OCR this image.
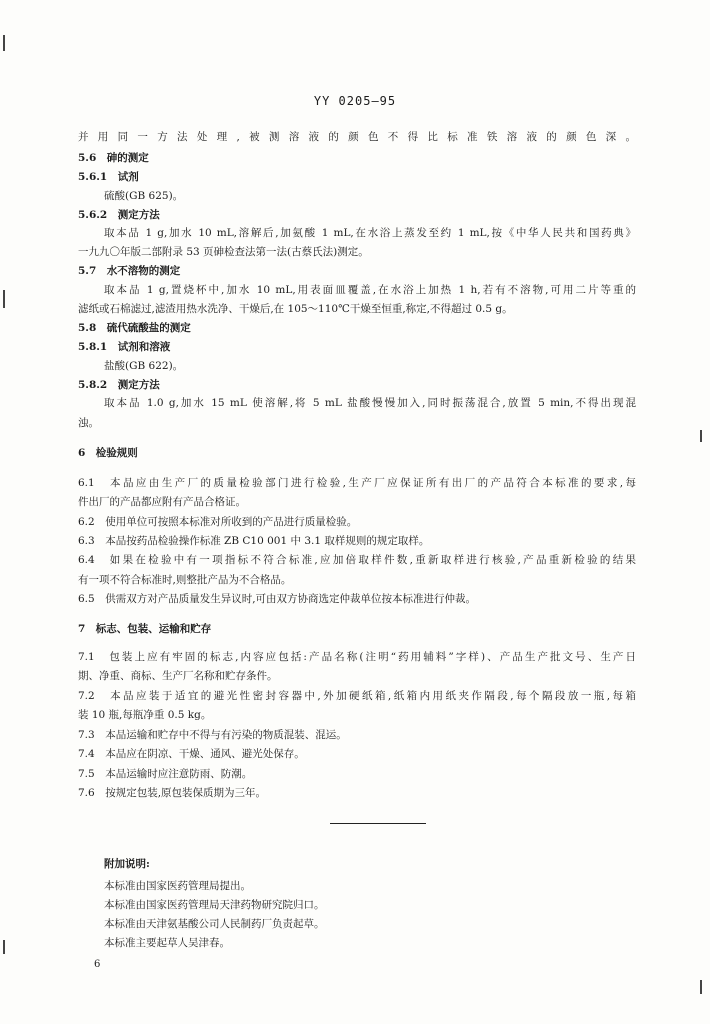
YY 0205—95
并用同一方法处理,被测溶液的颜色不得比标准铁溶液的颜色深。
5.6　砷的测定
5.6.1　试剂
硫酸(GB 625)。
5.6.2　测定方法
取本品 1 g,加水 10 mL,溶解后,加氨酸 1 mL,在水浴上蒸发至约 1 mL,按《中华人民共和国药典》
一九九〇年版二部附录 53 页砷检查法第一法(古蔡氏法)测定。
5.7　水不溶物的测定
取本品 1 g,置烧杯中,加水 10 mL,用表面皿覆盖,在水浴上加热 1 h,若有不溶物,可用二片等重的
滤纸或石棉滤过,滤渣用热水洗净、干燥后,在 105～110℃干燥至恒重,称定,不得超过 0.5 g。
5.8　硫代硫酸盐的测定
5.8.1　试剂和溶液
盐酸(GB 622)。
5.8.2　测定方法
取本品 1.0 g,加水 15 mL 使溶解,将 5 mL 盐酸慢慢加入,同时振荡混合,放置 5 min,不得出现混
浊。
6　检验规则
6.1　本品应由生产厂的质量检验部门进行检验,生产厂应保证所有出厂的产品符合本标准的要求,每
件出厂的产品都应附有产品合格证。
6.2　使用单位可按照本标准对所收到的产品进行质量检验。
6.3　本品按药品检验操作标准 ZB C10 001 中 3.1 取样规则的规定取样。
6.4　如果在检验中有一项指标不符合标准,应加倍取样件数,重新取样进行核验,产品重新检验的结果
有一项不符合标准时,则整批产品为不合格品。
6.5　供需双方对产品质量发生异议时,可由双方协商选定仲裁单位按本标准进行仲裁。
7　标志、包装、运输和贮存
7.1　包装上应有牢固的标志,内容应包括:产品名称(注明“药用辅料”字样)、产品生产批文号、生产日
期、净重、商标、生产厂名称和贮存条件。
7.2　本品应装于适宜的避光性密封容器中,外加硬纸箱,纸箱内用纸夹作隔段,每个隔段放一瓶,每箱
装 10 瓶,每瓶净重 0.5 kg。
7.3　本品运输和贮存中不得与有污染的物质混装、混运。
7.4　本品应在阴凉、干燥、通风、避光处保存。
7.5　本品运输时应注意防雨、防潮。
7.6　按规定包装,原包装保质期为三年。
附加说明:
本标准由国家医药管理局提出。
本标准由国家医药管理局天津药物研究院归口。
本标准由天津氨基酸公司人民制药厂负责起草。
本标准主要起草人吴津春。
6
